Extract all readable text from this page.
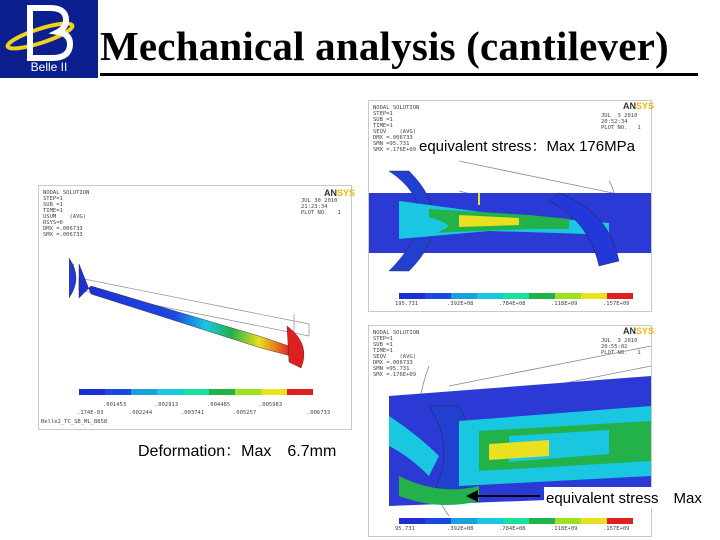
Belle II Mechanical analysis (cantilever)
NODAL SOLUTION
STEP=1
SUB =1
TIME=1
USUM    (AVG)
RSYS=0
DMX =.006733
SMX =.006733
JUL 30 2010
21:23:34
PLOT NO.   1
ANSYS
.174E-03
.001453
.002244
.002913
.003741
.004485
.005257
.005983
.006733
Belle2_TC_SB_ML_B858
NODAL SOLUTION
STEP=1
SUB =1
TIME=1
SEQV    (AVG)
DMX =.006733
SMN =95.731
SMX =.176E+09
JUL  3 2010
20:52:34
PLOT NO.   1
ANSYS
195.731	.392E+08	.784E+08	.118E+09	.157E+09
NODAL SOLUTION
STEP=1
SUB =1
TIME=1
SEQV    (AVG)
DMX =.006733
SMN =95.731
SMX =.176E+09
JUL  3 2010
20:55:02
PLOT NO.   1
ANSYS
95.731	.392E+08	.784E+08	.118E+09	.157E+09
equivalent stress：Max 176MPa
Deformation：Max　6.7mm
equivalent stress　Max
